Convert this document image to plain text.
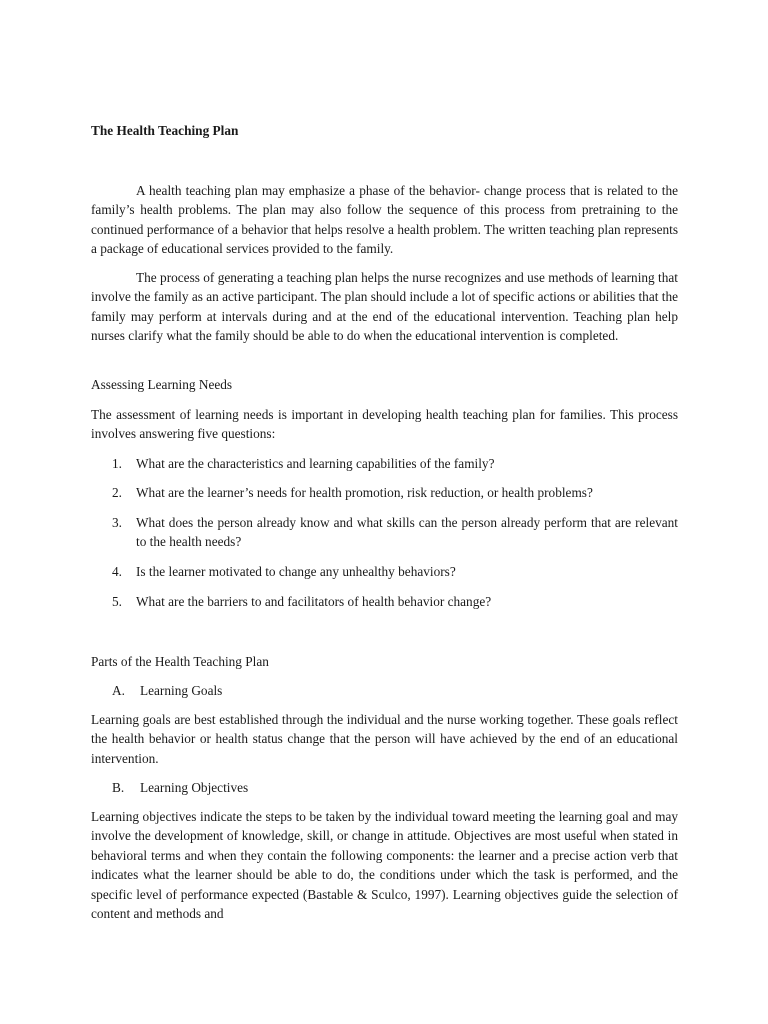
The Health Teaching Plan

A health teaching plan may emphasize a phase of the behavior- change process that is related to the family’s health problems. The plan may also follow the sequence of this process from pretraining to the continued performance of a behavior that helps resolve a health problem. The written teaching plan represents a package of educational services provided to the family.

The process of generating a teaching plan helps the nurse recognizes and use methods of learning that involve the family as an active participant. The plan should include a lot of specific actions or abilities that the family may perform at intervals during and at the end of the educational intervention. Teaching plan help nurses clarify what the family should be able to do when the educational intervention is completed.

Assessing Learning Needs

The assessment of learning needs is important in developing health teaching plan for families. This process involves answering five questions:

1. What are the characteristics and learning capabilities of the family?
2. What are the learner’s needs for health promotion, risk reduction, or health problems?
3. What does the person already know and what skills can the person already perform that are relevant to the health needs?
4. Is the learner motivated to change any unhealthy behaviors?
5. What are the barriers to and facilitators of health behavior change?

Parts of the Health Teaching Plan

A. Learning Goals

Learning goals are best established through the individual and the nurse working together. These goals reflect the health behavior or health status change that the person will have achieved by the end of an educational intervention.

B. Learning Objectives

Learning objectives indicate the steps to be taken by the individual toward meeting the learning goal and may involve the development of knowledge, skill, or change in attitude. Objectives are most useful when stated in behavioral terms and when they contain the following components: the learner and a precise action verb that indicates what the learner should be able to do, the conditions under which the task is performed, and the specific level of performance expected (Bastable & Sculco, 1997). Learning objectives guide the selection of content and methods and
